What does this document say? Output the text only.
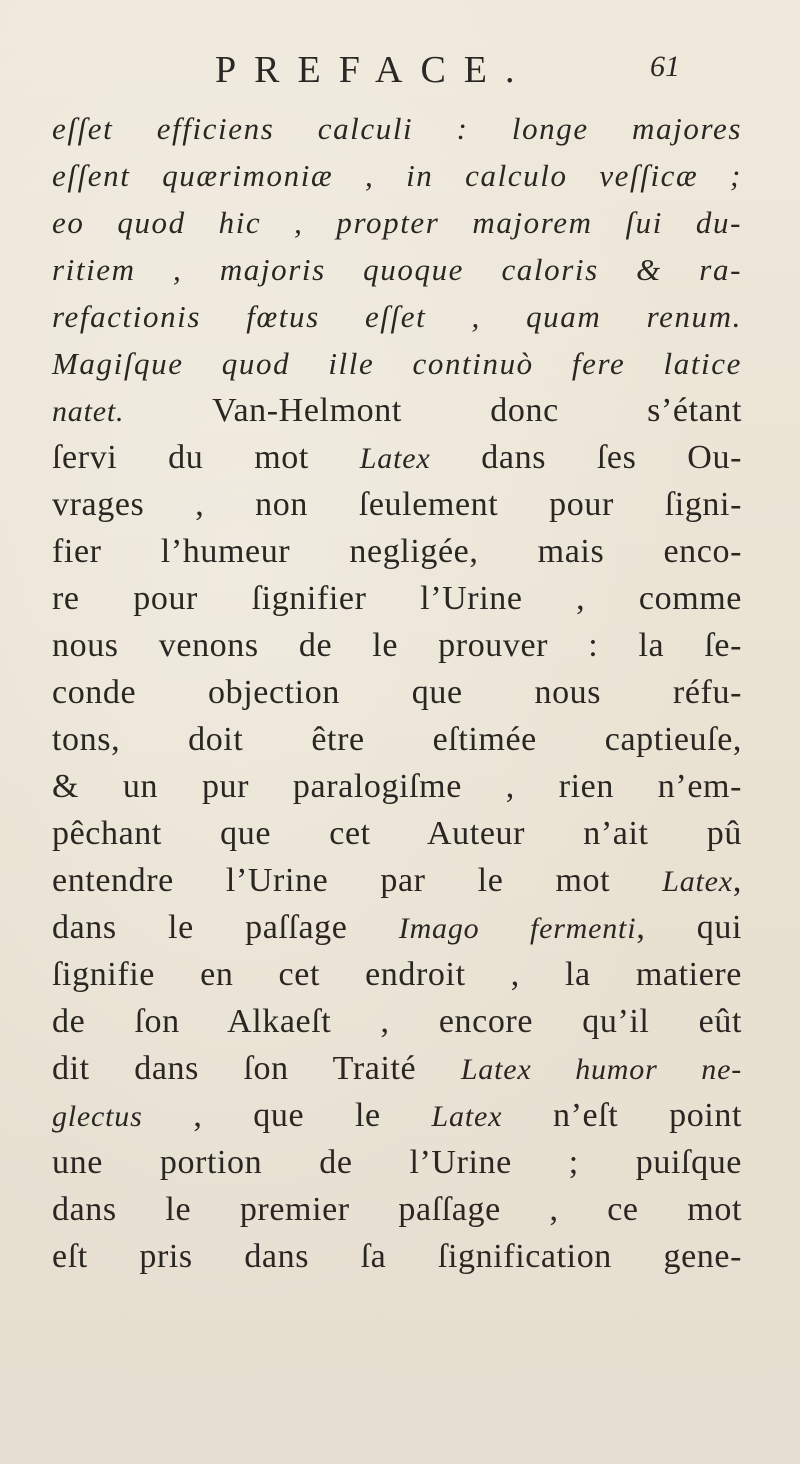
PREFACE.	61
eſſet efficiens calculi : longe majores
eſſent quærimoniæ , in calculo veſſicæ ;
eo quod hic , propter majorem ſui du-
ritiem , majoris quoque caloris & ra-
refactionis fœtus eſſet , quam renum.
Magiſque quod ille continuò fere latice
natet. Van-Helmont donc s’étant
ſervi du mot Latex dans ſes Ou-
vrages , non ſeulement pour ſigni-
fier l’humeur negligée, mais enco-
re pour ſignifier l’Urine , comme
nous venons de le prouver : la ſe-
conde objection que nous réfu-
tons, doit être eſtimée captieuſe,
& un pur paralogiſme , rien n’em-
pêchant que cet Auteur n’ait pû
entendre l’Urine par le mot Latex,
dans le paſſage Imago fermenti, qui
ſignifie en cet endroit , la matiere
de ſon Alkaeſt , encore qu’il eût
dit dans ſon Traité Latex humor ne-
glectus , que le Latex n’eſt point
une portion de l’Urine ; puiſque
dans le premier paſſage , ce mot
eſt pris dans ſa ſignification gene-
